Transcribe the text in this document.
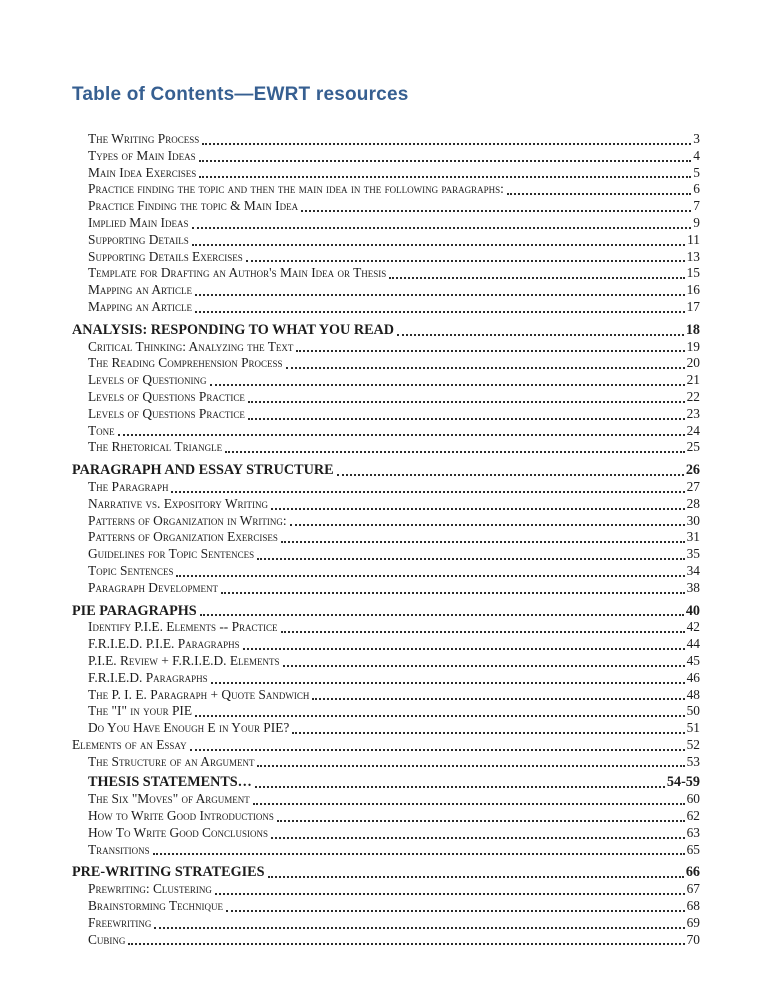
Table of Contents—EWRT resources
The Writing Process	3
Types of Main Ideas	4
Main Idea Exercises	5
Practice finding the topic and then the main idea in the following paragraphs:	6
Practice Finding the topic & Main Idea	7
Implied Main Ideas	9
Supporting Details	11
Supporting Details Exercises	13
Template for Drafting an Author's Main Idea or Thesis	15
Mapping an Article	16
Mapping an Article	17
ANALYSIS: RESPONDING TO WHAT YOU READ	18
Critical Thinking: Analyzing the Text	19
The Reading Comprehension Process	20
Levels of Questioning	21
Levels of Questions Practice	22
Levels of Questions Practice	23
Tone	24
The Rhetorical Triangle	25
PARAGRAPH AND ESSAY STRUCTURE	26
The Paragraph	27
Narrative vs. Expository Writing	28
Patterns of Organization in Writing:	30
Patterns of Organization Exercises	31
Guidelines for Topic Sentences	35
Topic Sentences	34
Paragraph Development	38
PIE PARAGRAPHS	40
Identify P.I.E. Elements -- Practice	42
F.R.I.E.D. P.I.E. Paragraphs	44
P.I.E. Review + F.R.I.E.D. Elements	45
F.R.I.E.D. Paragraphs	46
The P. I. E. Paragraph + Quote Sandwich	48
The "I" in your PIE	50
Do You Have Enough E in Your PIE?	51
Elements of an Essay	52
The Structure of an Argument	53
THESIS STATEMENTS…	54-59
The Six "Moves" of Argument	60
How to Write Good Introductions	62
How To Write Good Conclusions	63
Transitions	65
PRE-WRITING STRATEGIES	66
Prewriting: Clustering	67
Brainstorming Technique	68
Freewriting	69
Cubing	70
